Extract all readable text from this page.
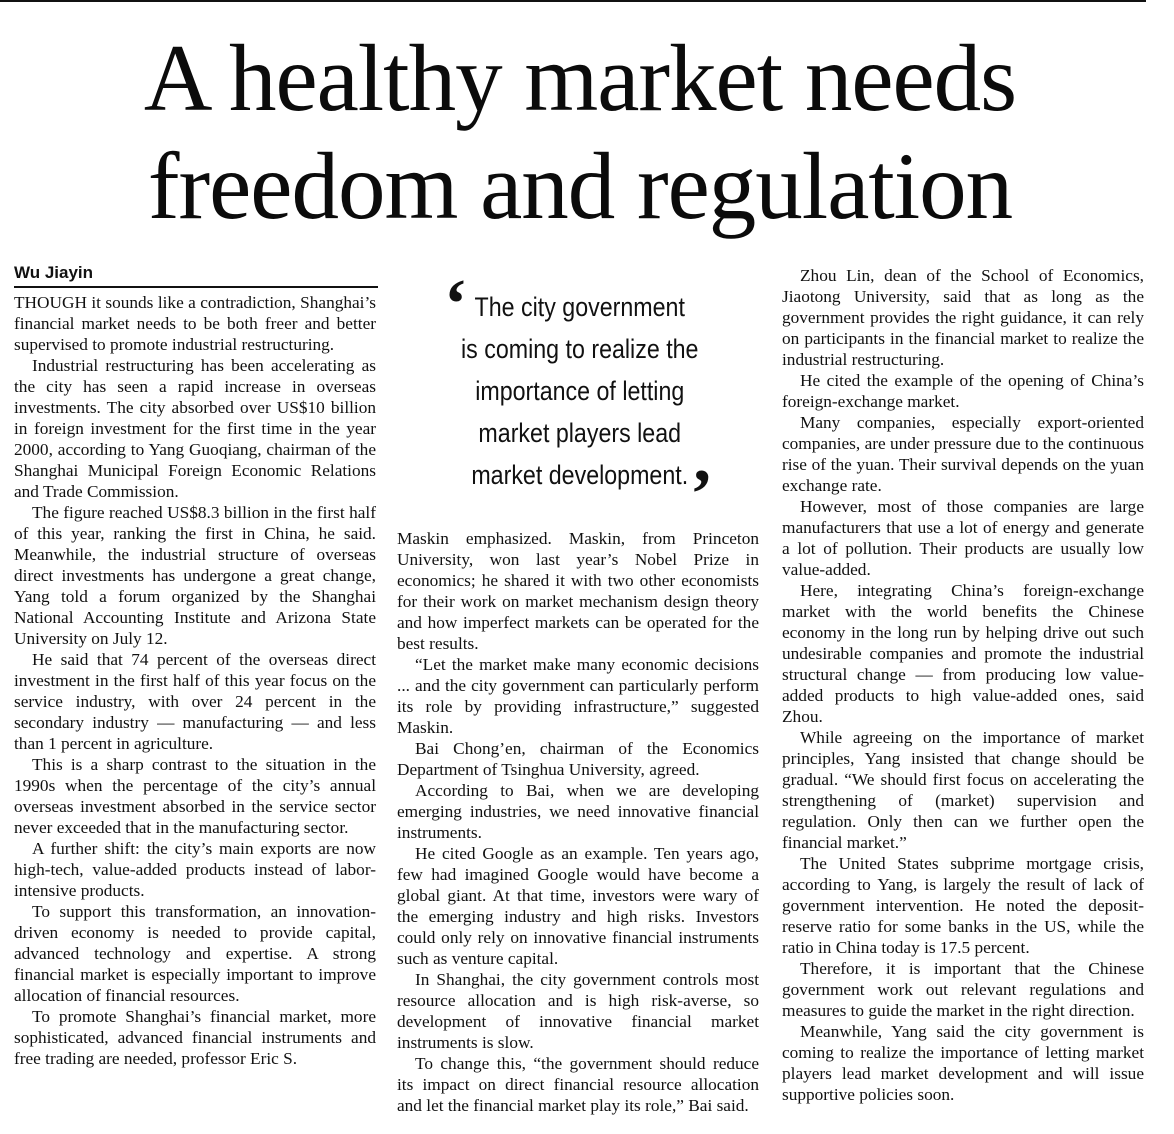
A healthy market needs
freedom and regulation
Wu Jiayin

THOUGH it sounds like a contradiction, Shanghai’s financial market needs to be both freer and better supervised to promote industrial restructuring.

Industrial restructuring has been accelerating as the city has seen a rapid increase in overseas investments. The city absorbed over US$10 billion in foreign investment for the first time in the year 2000, according to Yang Guoqiang, chairman of the Shanghai Municipal Foreign Economic Relations and Trade Commission.

The figure reached US$8.3 billion in the first half of this year, ranking the first in China, he said. Meanwhile, the industrial structure of overseas direct investments has undergone a great change, Yang told a forum organized by the Shanghai National Accounting Institute and Arizona State University on July 12.

He said that 74 percent of the overseas direct investment in the first half of this year focus on the service industry, with over 24 percent in the secondary industry — manufacturing — and less than 1 percent in agriculture.

This is a sharp contrast to the situation in the 1990s when the percentage of the city’s annual overseas investment absorbed in the service sector never exceeded that in the manufacturing sector.

A further shift: the city’s main exports are now high-tech, value-added products instead of labor-intensive products.

To support this transformation, an innovation-driven economy is needed to provide capital, advanced technology and expertise. A strong financial market is especially important to improve allocation of financial resources.

To promote Shanghai’s financial market, more sophisticated, advanced financial instruments and free trading are needed, professor Eric S.

‘ The city government
is coming to realize the
importance of letting
market players lead
market development. ’

Maskin emphasized. Maskin, from Princeton University, won last year’s Nobel Prize in economics; he shared it with two other economists for their work on market mechanism design theory and how imperfect markets can be operated for the best results.

“Let the market make many economic decisions ... and the city government can particularly perform its role by providing infrastructure,” suggested Maskin.

Bai Chong’en, chairman of the Economics Department of Tsinghua University, agreed.

According to Bai, when we are developing emerging industries, we need innovative financial instruments.

He cited Google as an example. Ten years ago, few had imagined Google would have become a global giant. At that time, investors were wary of the emerging industry and high risks. Investors could only rely on innovative financial instruments such as venture capital.

In Shanghai, the city government controls most resource allocation and is high risk-averse, so development of innovative financial market instruments is slow.

To change this, “the government should reduce its impact on direct financial resource allocation and let the financial market play its role,” Bai said.

Zhou Lin, dean of the School of Economics, Jiaotong University, said that as long as the government provides the right guidance, it can rely on participants in the financial market to realize the industrial restructuring.

He cited the example of the opening of China’s foreign-exchange market.

Many companies, especially export-oriented companies, are under pressure due to the continuous rise of the yuan. Their survival depends on the yuan exchange rate.

However, most of those companies are large manufacturers that use a lot of energy and generate a lot of pollution. Their products are usually low value-added.

Here, integrating China’s foreign-exchange market with the world benefits the Chinese economy in the long run by helping drive out such undesirable companies and promote the industrial structural change — from producing low value-added products to high value-added ones, said Zhou.

While agreeing on the importance of market principles, Yang insisted that change should be gradual. “We should first focus on accelerating the strengthening of (market) supervision and regulation. Only then can we further open the financial market.”

The United States subprime mortgage crisis, according to Yang, is largely the result of lack of government intervention. He noted the deposit-reserve ratio for some banks in the US, while the ratio in China today is 17.5 percent.

Therefore, it is important that the Chinese government work out relevant regulations and measures to guide the market in the right direction.

Meanwhile, Yang said the city government is coming to realize the importance of letting market players lead market development and will issue supportive policies soon.
